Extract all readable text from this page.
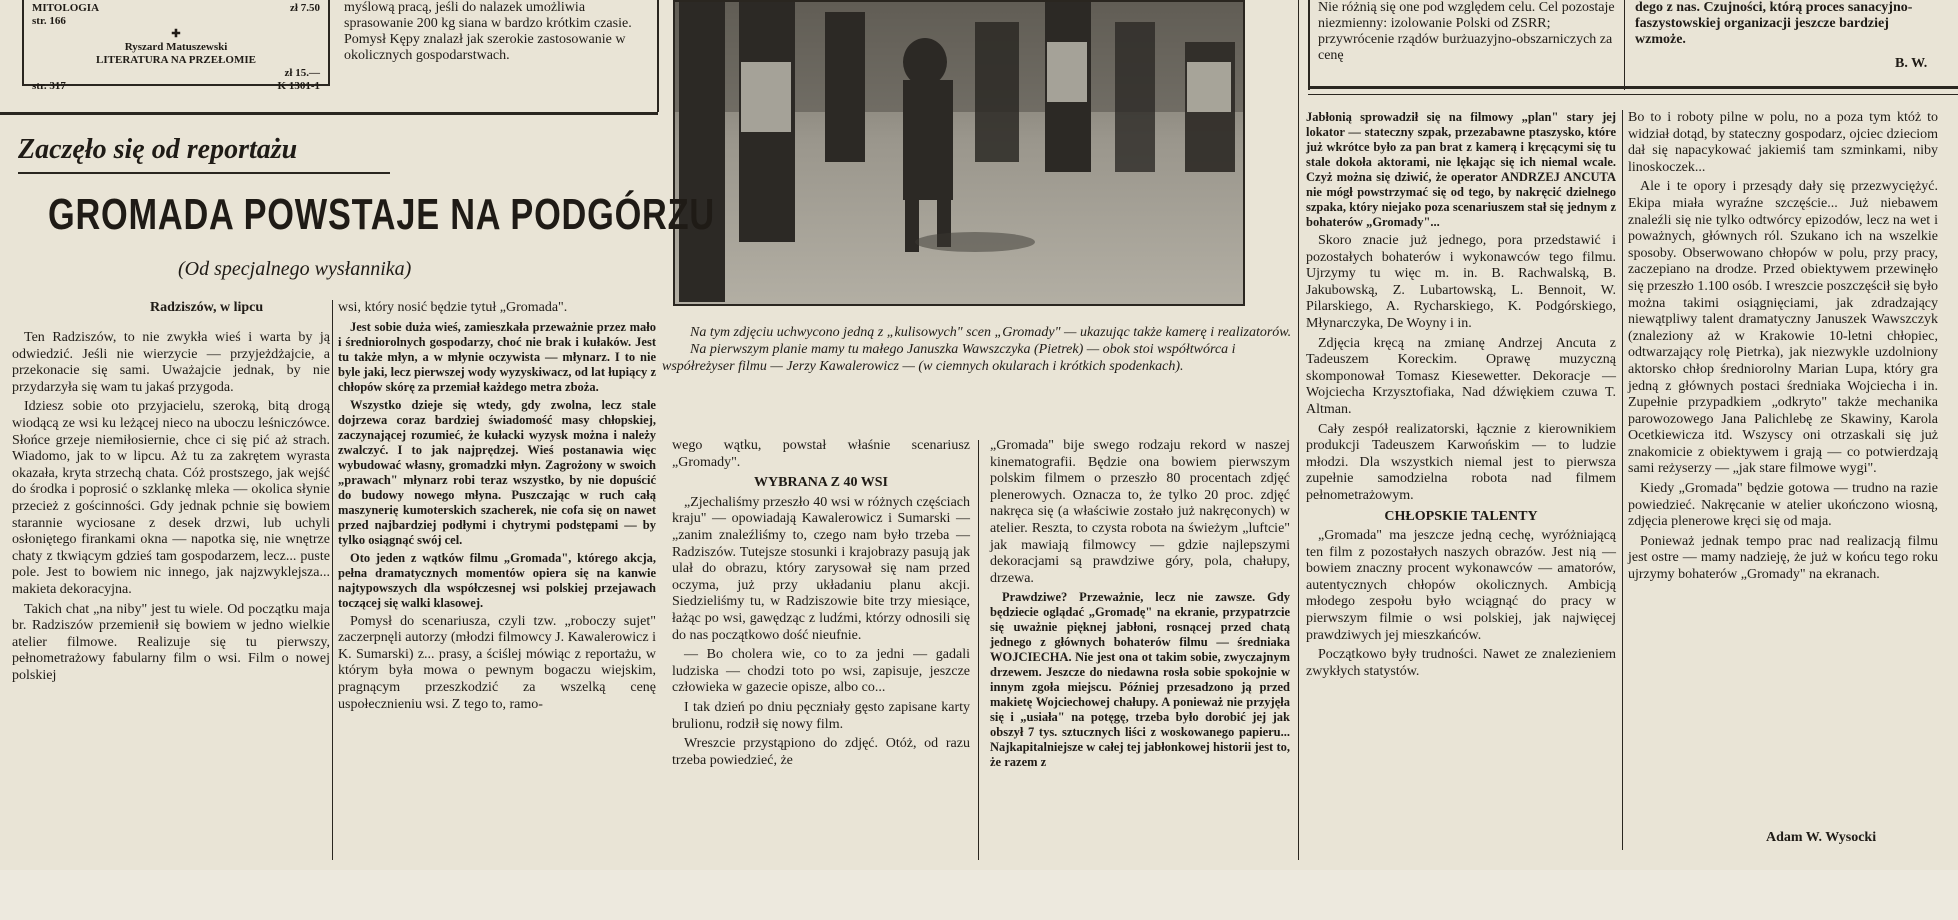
MITOLOGIA	zł 7.50
str. 166
✚
Ryszard Matuszewski
LITERATURA NA PRZEŁOMIE
zł 15.—
str. 317	K 1301-1
myślową pracą, jeśli do nalazek umożliwia sprasowanie 200 kg siana w bardzo krótkim czasie. Pomysł Kępy znalazł jak szerokie zastosowanie w okolicznych gospodarstwach.
Nie różnią się one pod względem celu. Cel pozostaje niezmienny: izolowanie Polski od ZSRR; przywrócenie rządów burżuazyjno-obszarniczych za cenę
dego z nas. Czujności, którą proces sanacyjno-faszystowskiej organizacji jeszcze bardziej wzmoże.
B. W.
Na tym zdjęciu uchwycono jedną z „kulisowych" scen „Gromady" — ukazując także kamerę i realizatorów.
Na pierwszym planie mamy tu małego Januszka Wawszczyka (Pietrek) — obok stoi współtwórca i współreżyser filmu — Jerzy Kawalerowicz — (w ciemnych okularach i krótkich spodenkach).
Zaczęło się od reportażu
GROMADA POWSTAJE NA PODGÓRZU
(Od specjalnego wysłannika)
Radziszów, w lipcu

Ten Radziszów, to nie zwykła wieś i warta by ją odwiedzić. Jeśli nie wierzycie — przyjeżdżajcie, a przekonacie się sami. Uważajcie jednak, by nie przydarzyła się wam tu jakaś przygoda.

Idziesz sobie oto przyjacielu, szeroką, bitą drogą wiodącą ze wsi ku leżącej nieco na uboczu leśniczówce. Słońce grzeje niemiłosiernie, chce ci się pić aż strach. Wiadomo, jak to w lipcu. Aż tu za zakrętem wyrasta okazała, kryta strzechą chata. Cóż prostszego, jak wejść do środka i poprosić o szklankę mleka — okolica słynie przecież z gościnności. Gdy jednak pchnie się bowiem starannie wyciosane z desek drzwi, lub uchyli osłoniętego firankami okna — napotka się, nie wnętrze chaty z tkwiącym gdzieś tam gospodarzem, lecz... puste pole. Jest to bowiem nic innego, jak najzwyklejsza... makieta dekoracyjna.

Takich chat „na niby" jest tu wiele. Od początku maja br. Radziszów przemienił się bowiem w jedno wielkie atelier filmowe. Realizuje się tu pierwszy, pełnometrażowy fabularny film o wsi. Film o nowej polskiej

wsi, który nosić będzie tytuł „Gromada".

Jest sobie duża wieś, zamieszkała przeważnie przez mało i średniorolnych gospodarzy, choć nie brak i kułaków. Jest tu także młyn, a w młynie oczywista — młynarz. I to nie byle jaki, lecz pierwszej wody wyzyskiwacz, od lat łupiący z chłopów skórę za przemiał każdego metra zboża.

Wszystko dzieje się wtedy, gdy zwolna, lecz stale dojrzewa coraz bardziej świadomość masy chłopskiej, zaczynającej rozumieć, że kułacki wyzysk można i należy zwalczyć. I to jak najprędzej. Wieś postanawia więc wybudować własny, gromadzki młyn. Zagrożony w swoich „prawach" młynarz robi teraz wszystko, by nie dopuścić do budowy nowego młyna. Puszczając w ruch całą maszynerię kumoterskich szacherek, nie cofa się on nawet przed najbardziej podłymi i chytrymi podstępami — by tylko osiągnąć swój cel.

Oto jeden z wątków filmu „Gromada", którego akcja, pełna dramatycznych momentów opiera się na kanwie najtypowszych dla współczesnej wsi polskiej przejawach toczącej się walki klasowej.

Pomysł do scenariusza, czyli tzw. „roboczy sujet" zaczerpnęli autorzy (młodzi filmowcy J. Kawalerowicz i K. Sumarski) z... prasy, a ściślej mówiąc z reportażu, w którym była mowa o pewnym bogaczu wiejskim, pragnącym przeszkodzić za wszelką cenę uspołecznieniu wsi. Z tego to, ramo-

wego wątku, powstał właśnie scenariusz „Gromady".

WYBRANA Z 40 WSI

„Zjechaliśmy przeszło 40 wsi w różnych częściach kraju" — opowiadają Kawalerowicz i Sumarski — „zanim znaleźliśmy to, czego nam było trzeba — Radziszów. Tutejsze stosunki i krajobrazy pasują jak ulał do obrazu, który zarysował się nam przed oczyma, już przy układaniu planu akcji. Siedzieliśmy tu, w Radziszowie bite trzy miesiące, łażąc po wsi, gawędząc z ludźmi, którzy odnosili się do nas początkowo dość nieufnie.

— Bo cholera wie, co to za jedni — gadali ludziska — chodzi toto po wsi, zapisuje, jeszcze człowieka w gazecie opisze, albo co...

I tak dzień po dniu pęczniały gęsto zapisane karty brulionu, rodził się nowy film.

Wreszcie przystąpiono do zdjęć. Otóż, od razu trzeba powiedzieć, że

„Gromada" bije swego rodzaju rekord w naszej kinematografii. Będzie ona bowiem pierwszym polskim filmem o przeszło 80 procentach zdjęć plenerowych. Oznacza to, że tylko 20 proc. zdjęć nakręca się (a właściwie zostało już nakręconych) w atelier. Reszta, to czysta robota na świeżym „luftcie" jak mawiają filmowcy — gdzie najlepszymi dekoracjami są prawdziwe góry, pola, chałupy, drzewa.

Prawdziwe? Przeważnie, lecz nie zawsze. Gdy będziecie oglądać „Gromadę" na ekranie, przypatrzcie się uważnie pięknej jabłoni, rosnącej przed chatą jednego z głównych bohaterów filmu — średniaka WOJCIECHA. Nie jest ona ot takim sobie, zwyczajnym drzewem. Jeszcze do niedawna rosła sobie spokojnie w innym zgoła miejscu. Później przesadzono ją przed makietę Wojciechowej chałupy. A ponieważ nie przyjęła się i „usiała" na potęgę, trzeba było dorobić jej jak obszył 7 tys. sztucznych liści z woskowanego papieru... Najkapitalniejsze w całej tej jabłonkowej historii jest to, że razem z

Jabłonią sprowadził się na filmowy „plan" stary jej lokator — stateczny szpak, przezabawne ptaszysko, które już wkrótce było za pan brat z kamerą i kręcącymi się tu stale dokoła aktorami, nie lękając się ich niemal wcale. Czyż można się dziwić, że operator ANDRZEJ ANCUTA nie mógł powstrzymać się od tego, by nakręcić dzielnego szpaka, który niejako poza scenariuszem stał się jednym z bohaterów „Gromady"...

Skoro znacie już jednego, pora przedstawić i pozostałych bohaterów i wykonawców tego filmu. Ujrzymy tu więc m. in. B. Rachwalską, B. Jakubowską, Z. Lubartowską, L. Bennoit, W. Pilarskiego, A. Rycharskiego, K. Podgórskiego, Młynarczyka, De Woyny i in.

Zdjęcia kręcą na zmianę Andrzej Ancuta z Tadeuszem Koreckim. Oprawę muzyczną skomponował Tomasz Kiesewetter. Dekoracje — Wojciecha Krzysztofiaka, Nad dźwiękiem czuwa T. Altman.

Cały zespół realizatorski, łącznie z kierownikiem produkcji Tadeuszem Karwońskim — to ludzie młodzi. Dla wszystkich niemal jest to pierwsza zupełnie samodzielna robota nad filmem pełnometrażowym.

CHŁOPSKIE TALENTY

„Gromada" ma jeszcze jedną cechę, wyróżniającą ten film z pozostałych naszych obrazów. Jest nią — bowiem znaczny procent wykonawców — amatorów, autentycznych chłopów okolicznych. Ambicją młodego zespołu było wciągnąć do pracy w pierwszym filmie o wsi polskiej, jak najwięcej prawdziwych jej mieszkańców.

Początkowo były trudności. Nawet ze znalezieniem zwykłych statystów.

Bo to i roboty pilne w polu, no a poza tym któż to widział dotąd, by stateczny gospodarz, ojciec dzieciom dał się napacykować jakiemiś tam szminkami, niby linoskoczek...

Ale i te opory i przesądy dały się przezwyciężyć. Ekipa miała wyraźne szczęście... Już niebawem znaleźli się nie tylko odtwórcy epizodów, lecz na wet i poważnych, głównych ról. Szukano ich na wszelkie sposoby. Obserwowano chłopów w polu, przy pracy, zaczepiano na drodze. Przed obiektywem przewinęło się przeszło 1.100 osób. I wreszcie poszczęścił się było można takimi osiągnięciami, jak zdradzający niewątpliwy talent dramatyczny Januszek Wawszczyk (znaleziony aż w Krakowie 10-letni chłopiec, odtwarzający rolę Pietrka), jak niezwykle uzdolniony aktorsko chłop średniorolny Marian Lupa, który gra jedną z głównych postaci średniaka Wojciecha i in. Zupełnie przypadkiem „odkryto" także mechanika parowozowego Jana Palichlebę ze Skawiny, Karola Ocetkiewicza itd. Wszyscy oni otrzaskali się już znakomicie z obiektywem i grają — co potwierdzają sami reżyserzy — „jak stare filmowe wygi".

Kiedy „Gromada" będzie gotowa — trudno na razie powiedzieć. Nakręcanie w atelier ukończono wiosną, zdjęcia plenerowe kręci się od maja.

Ponieważ jednak tempo prac nad realizacją filmu jest ostre — mamy nadzieję, że już w końcu tego roku ujrzymy bohaterów „Gromady" na ekranach.

Adam W. Wysocki
